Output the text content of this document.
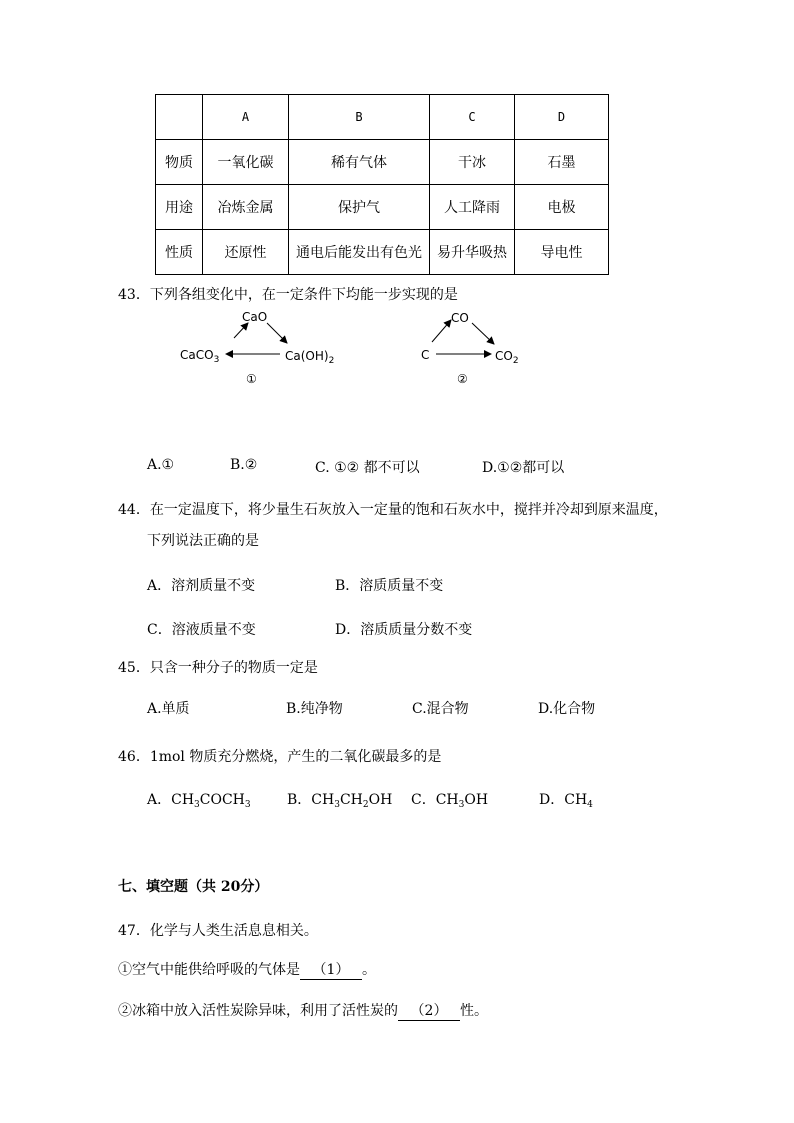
	A	B	C	D
物质	一氧化碳	稀有气体	干冰	石墨
用途	冶炼金属	保护气	人工降雨	电极
性质	还原性	通电后能发出有色光	易升华吸热	导电性
43．下列各组变化中，在一定条件下均能一步实现的是
CaO
CaCO$_3$	$Ca(OH)_2$
①
CO
C	$CO_2$
②
A.①	B.②	C. ①② 都不可以	D.①②都可以
44．在一定温度下，将少量生石灰放入一定量的饱和石灰水中，搅拌并冷却到原来温度，
下列说法正确的是
A．溶剂质量不变	B．溶质质量不变
C．溶液质量不变	D．溶质质量分数不变
45．只含一种分子的物质一定是
A.单质	B.纯净物	C.混合物	D.化合物
46．1mol 物质充分燃烧，产生的二氧化碳最多的是
A．$CH_3COCH_3$	B．$CH_3CH_2OH$ C．$CH_3OH$	D．$CH_4$
七、填空题（共 20分）
47．化学与人类生活息息相关。
①空气中能供给呼吸的气体是 （1） 。
②冰箱中放入活性炭除异味，利用了活性炭的 （2） 性。
